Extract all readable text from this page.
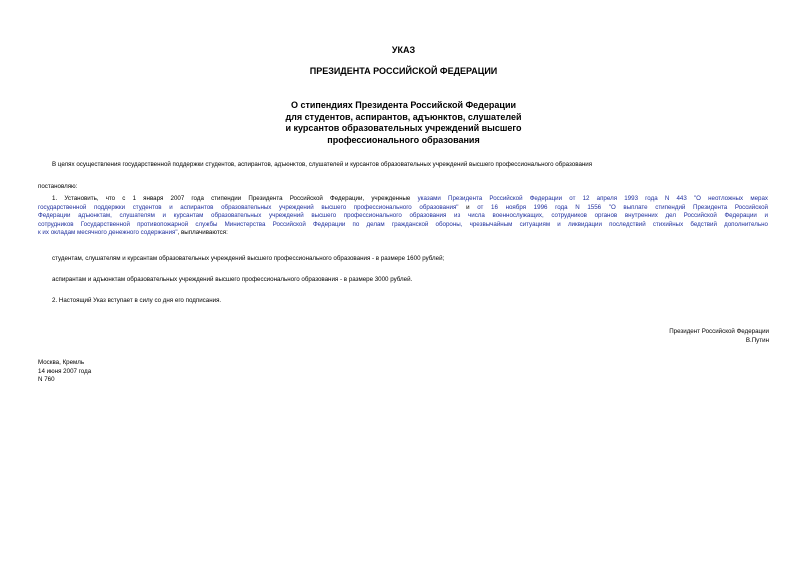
УКАЗ
ПРЕЗИДЕНТА РОССИЙСКОЙ ФЕДЕРАЦИИ
О стипендиях Президента Российской Федерации
для студентов, аспирантов, адъюнктов, слушателей
и курсантов образовательных учреждений высшего
профессионального образования
В целях осуществления государственной поддержки студентов, аспирантов, адъюнктов, слушателей и курсантов образовательных учреждений высшего профессионального образования
постановляю:
1. Установить, что с 1 января 2007 года стипендии Президента Российской Федерации, учрежденные указами Президента Российской Федерации от 12 апреля 1993 года N 443 "О неотложных мерах
государственной поддержки студентов и аспирантов образовательных учреждений высшего профессионального образования" и от 16 ноября 1996 года N 1556 "О выплате стипендий Президента Российской
Федерации адъюнктам, слушателям и курсантам образовательных учреждений высшего профессионального образования из числа военнослужащих, сотрудников органов внутренних дел Российской Федерации и
сотрудников Государственной противопожарной службы Министерства Российской Федерации по делам гражданской обороны, чрезвычайным ситуациям и ликвидации последствий стихийных бедствий дополнительно
к их окладам месячного денежного содержания", выплачиваются:
студентам, слушателям и курсантам образовательных учреждений высшего профессионального образования - в размере 1600 рублей;
аспирантам и адъюнктам образовательных учреждений высшего профессионального образования - в размере 3000 рублей.
2. Настоящий Указ вступает в силу со дня его подписания.
Президент Российской Федерации
В.Путин
Москва, Кремль
14 июня 2007 года
N 760
